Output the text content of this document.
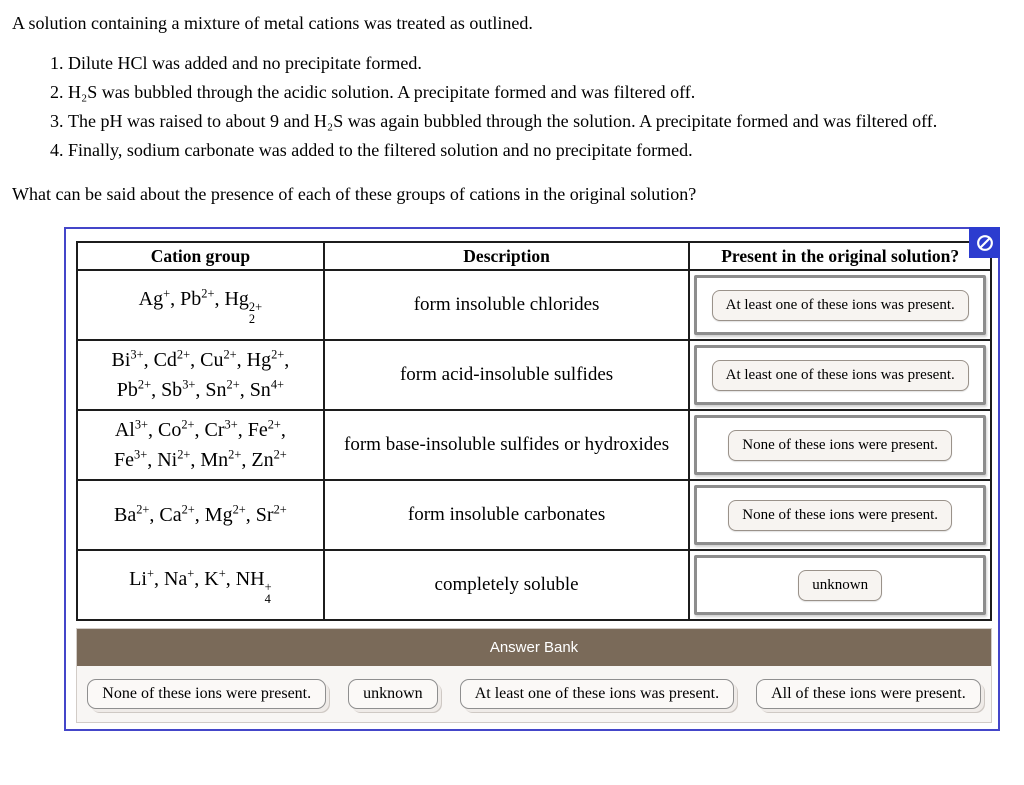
A solution containing a mixture of metal cations was treated as outlined.

1. Dilute HCl was added and no precipitate formed.
2. H₂S was bubbled through the acidic solution. A precipitate formed and was filtered off.
3. The pH was raised to about 9 and H₂S was again bubbled through the solution. A precipitate formed and was filtered off.
4. Finally, sodium carbonate was added to the filtered solution and no precipitate formed.

What can be said about the presence of each of these groups of cations in the original solution?

Cation group	Description	Present in the original solution?
Ag+, $Pb^{2+}$, Hg 2+
2	form insoluble chlorides	At least one of these ions was present.

$Bi^{3+}$, $Cd^{2+}$, $Cu^{2+}$, $Hg^{2+}$,
$Pb^{2+}$, $Sb^{3+}$, $Sn^{2+}$, $Sn^{4+}$	form acid-insoluble sulfides	At least one of these ions was present.

$Al^{3+}$, $Co^{2+}$, $Cr^{3+}$, $Fe^{2+}$,
$Fe^{3+}$, $Ni^{2+}$, $Mn^{2+}$, $Zn^{2+}$	form base-insoluble sulfides or hydroxides	None of these ions were present.

$Ba^{2+}$, $Ca^{2+}$, $Mg^{2+}$, $Sr^{2+}$	form insoluble carbonates	None of these ions were present.

Li+, Na+, K+, NH +
4	completely soluble	unknown
Answer Bank
None of these ions were present.	unknown	At least one of these ions was present.	All of these ions were present.
